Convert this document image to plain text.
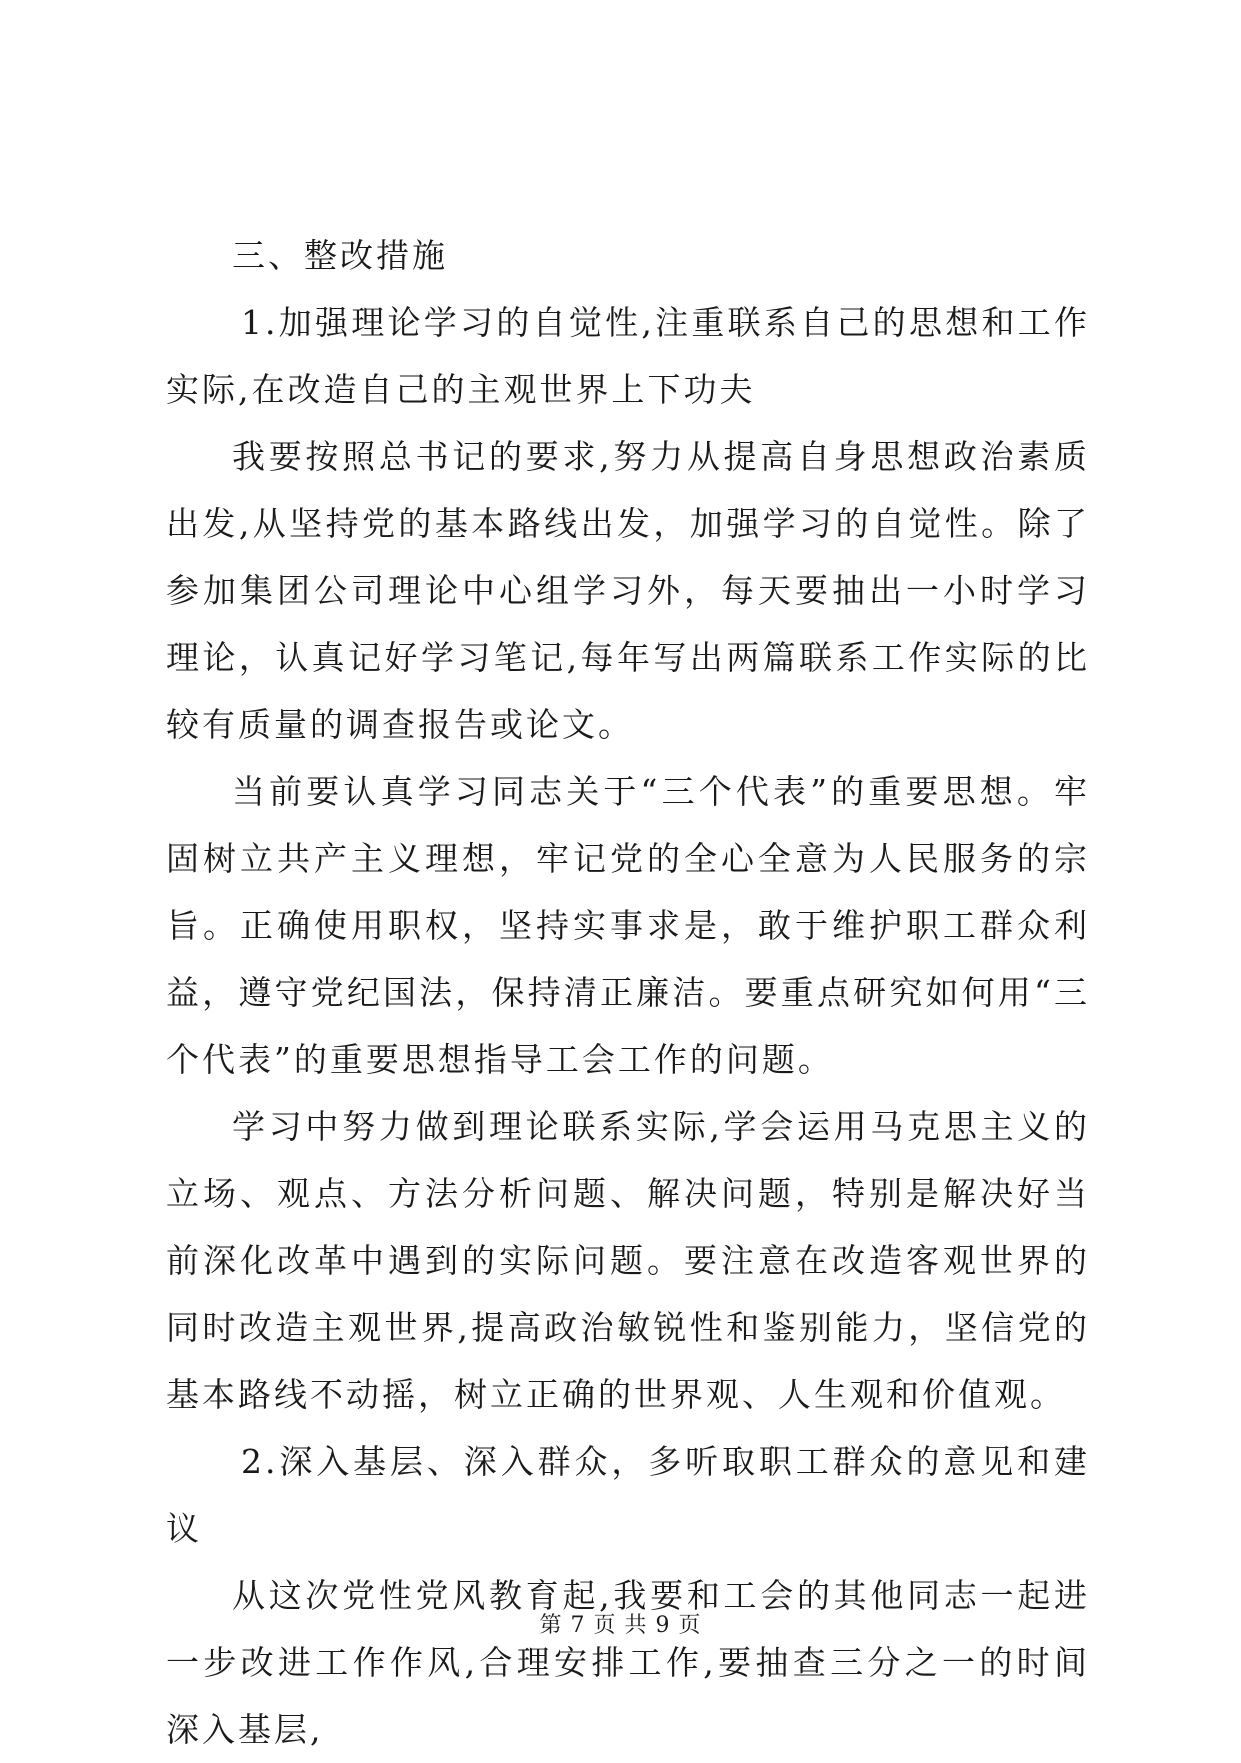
三、整改措施

1.加强理论学习的自觉性,注重联系自己的思想和工作实际,在改造自己的主观世界上下功夫

我要按照总书记的要求,努力从提高自身思想政治素质出发,从坚持党的基本路线出发，加强学习的自觉性。除了参加集团公司理论中心组学习外，每天要抽出一小时学习理论，认真记好学习笔记,每年写出两篇联系工作实际的比较有质量的调查报告或论文。

当前要认真学习同志关于“三个代表”的重要思想。牢固树立共产主义理想，牢记党的全心全意为人民服务的宗旨。正确使用职权，坚持实事求是，敢于维护职工群众利益，遵守党纪国法，保持清正廉洁。要重点研究如何用“三个代表”的重要思想指导工会工作的问题。

学习中努力做到理论联系实际,学会运用马克思主义的立场、观点、方法分析问题、解决问题，特别是解决好当前深化改革中遇到的实际问题。要注意在改造客观世界的同时改造主观世界,提高政治敏锐性和鉴别能力，坚信党的基本路线不动摇，树立正确的世界观、人生观和价值观。

2.深入基层、深入群众，多听取职工群众的意见和建议

从这次党性党风教育起,我要和工会的其他同志一起进一步改进工作作风,合理安排工作,要抽查三分之一的时间深入基层,

第 7 页 共 9 页
